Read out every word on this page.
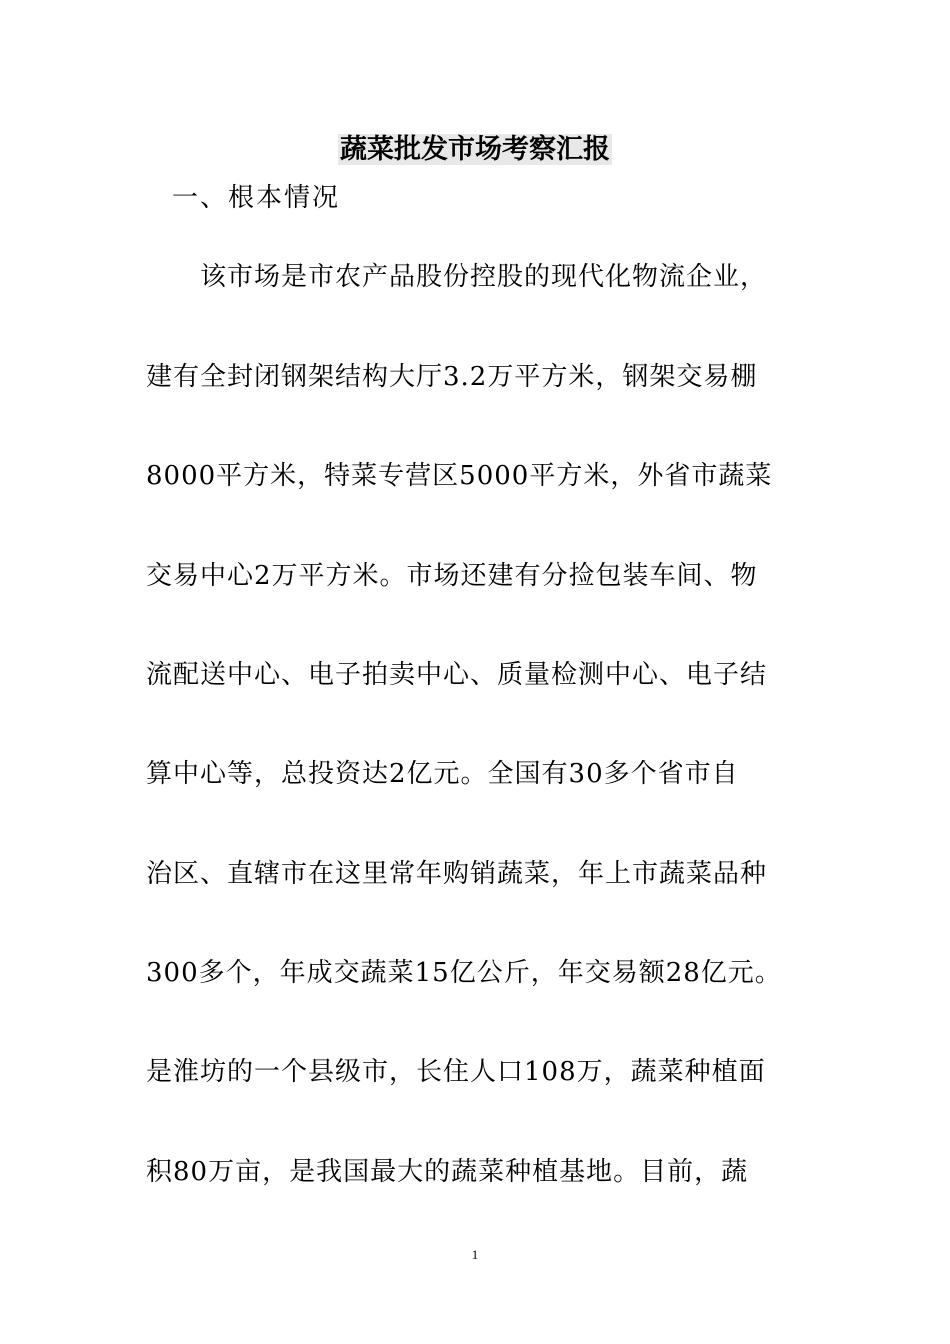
蔬菜批发市场考察汇报
一、根本情况
该市场是市农产品股份控股的现代化物流企业，
建有全封闭钢架结构大厅3.2万平方米，钢架交易棚
8000平方米，特菜专营区5000平方米，外省市蔬菜
交易中心2万平方米。市场还建有分捡包装车间、物
流配送中心、电子拍卖中心、质量检测中心、电子结
算中心等，总投资达2亿元。全国有30多个省市自
治区、直辖市在这里常年购销蔬菜，年上市蔬菜品种
300多个，年成交蔬菜15亿公斤，年交易额28亿元。
是淮坊的一个县级市，长住人口108万，蔬菜种植面
积80万亩，是我国最大的蔬菜种植基地。目前，蔬
1
